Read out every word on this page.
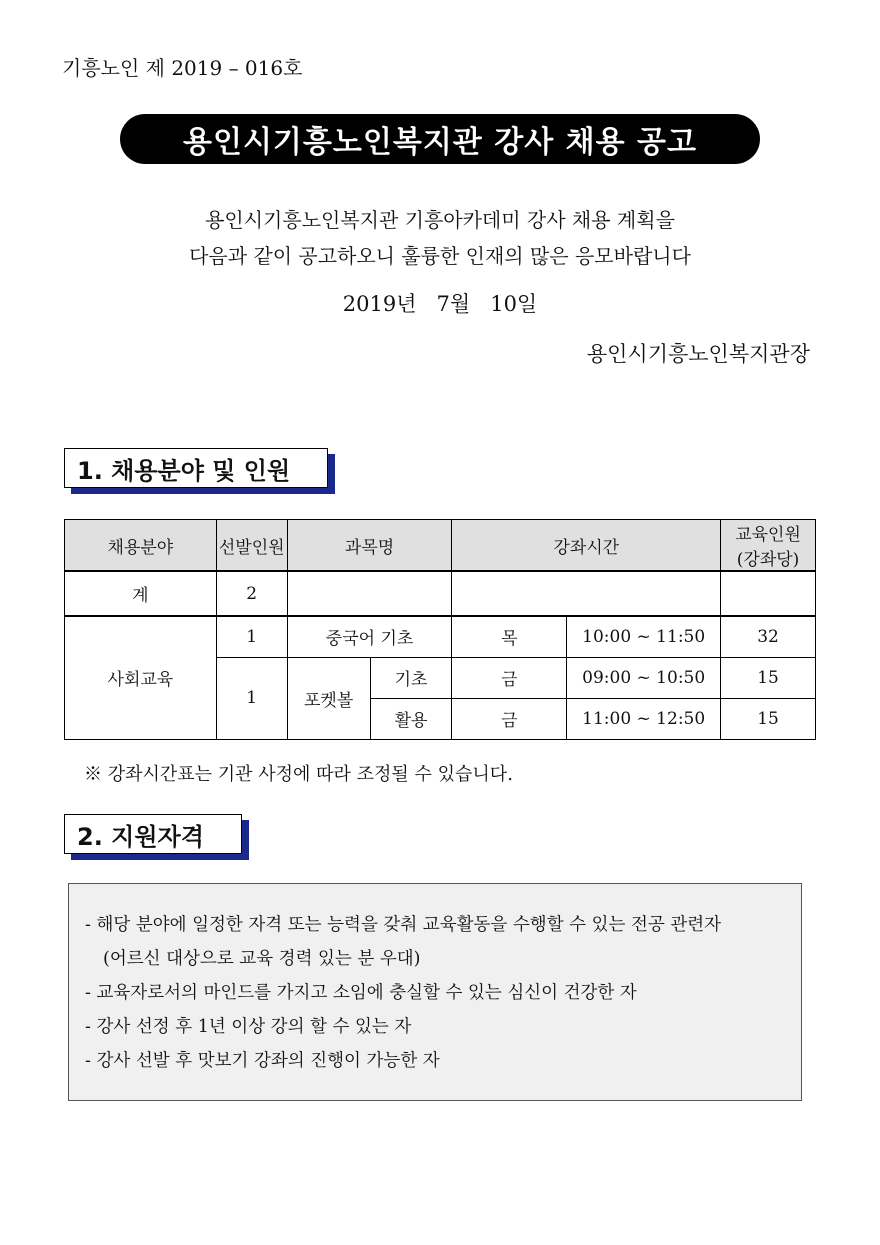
기흥노인 제 2019 – 016호
용인시기흥노인복지관 강사 채용 공고
용인시기흥노인복지관 기흥아카데미 강사 채용 계획을
다음과 같이 공고하오니 훌륭한 인재의 많은 응모바랍니다
2019년   7월   10일
용인시기흥노인복지관장
1. 채용분야 및 인원
채용분야	선발인원	과목명		강좌시간		교육인원
(강좌당)

계	2					
사회교육	1	중국어 기초		목	10:00 ~ 11:50	32
	1	포켓볼	기초	금	09:00 ~ 10:50	15
			활용	금	11:00 ~ 12:50	15
※ 강좌시간표는 기관 사정에 따라 조정될 수 있습니다.
2. 지원자격
- 해당 분야에 일정한 자격 또는 능력을 갖춰 교육활동을 수행할 수 있는 전공 관련자
(어르신 대상으로 교육 경력 있는 분 우대)
- 교육자로서의 마인드를 가지고 소임에 충실할 수 있는 심신이 건강한 자
- 강사 선정 후 1년 이상 강의 할 수 있는 자
- 강사 선발 후 맛보기 강좌의 진행이 가능한 자
